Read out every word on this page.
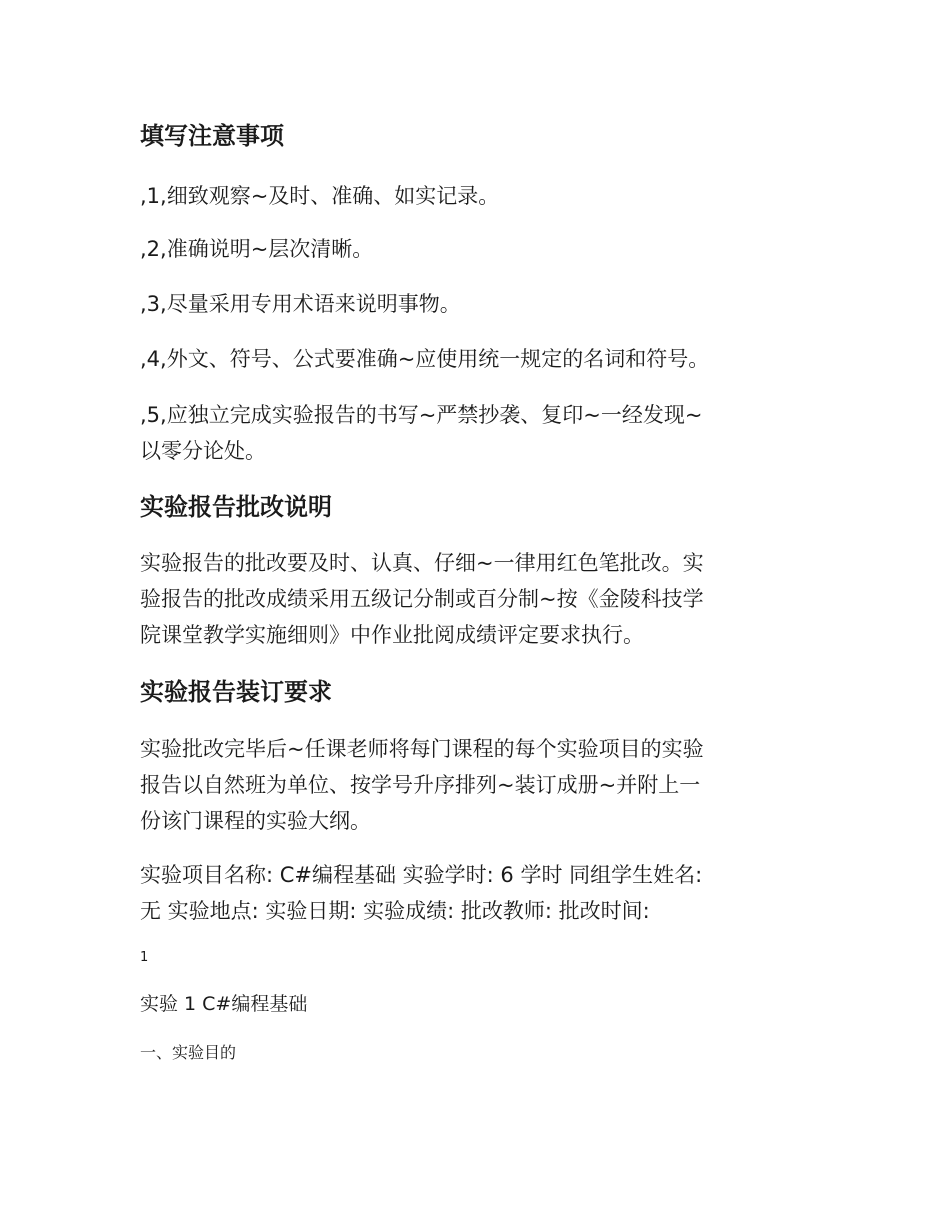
填写注意事项

,1,细致观察~及时、准确、如实记录。

,2,准确说明~层次清晰。

,3,尽量采用专用术语来说明事物。

,4,外文、符号、公式要准确~应使用统一规定的名词和符号。

,5,应独立完成实验报告的书写~严禁抄袭、复印~一经发现~
以零分论处。

实验报告批改说明

实验报告的批改要及时、认真、仔细~一律用红色笔批改。实
验报告的批改成绩采用五级记分制或百分制~按《金陵科技学
院课堂教学实施细则》中作业批阅成绩评定要求执行。

实验报告装订要求

实验批改完毕后~任课老师将每门课程的每个实验项目的实验
报告以自然班为单位、按学号升序排列~装订成册~并附上一
份该门课程的实验大纲。

实验项目名称: C#编程基础 实验学时: 6 学时 同组学生姓名:
无 实验地点: 实验日期: 实验成绩: 批改教师: 批改时间:

1
实验 1 C#编程基础
一、实验目的
